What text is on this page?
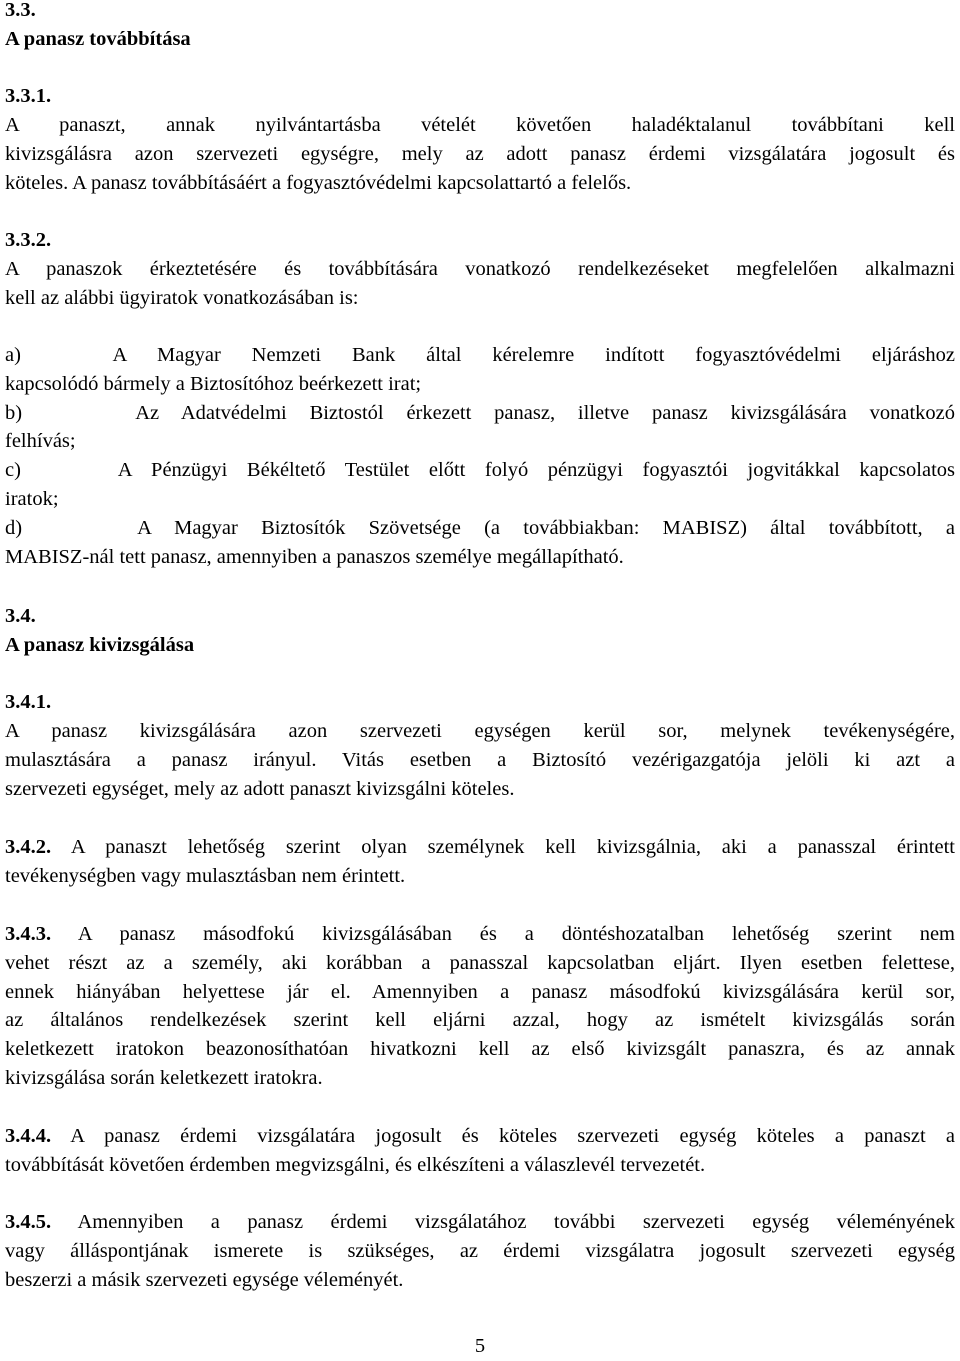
3.3.
A panasz továbbítása
3.3.1.
A panaszt, annak nyilvántartásba vételét követően haladéktalanul továbbítani kell
kivizsgálásra azon szervezeti egységre, mely az adott panasz érdemi vizsgálatára jogosult és
köteles. A panasz továbbításáért a fogyasztóvédelmi kapcsolattartó a felelős.
3.3.2.
A panaszok érkeztetésére és továbbítására vonatkozó rendelkezéseket megfelelően alkalmazni
kell az alábbi ügyiratok vonatkozásában is:
a)   A Magyar Nemzeti Bank által kérelemre indított fogyasztóvédelmi eljáráshoz
kapcsolódó bármely a Biztosítóhoz beérkezett irat;
b)     Az Adatvédelmi Biztostól érkezett panasz, illetve panasz kivizsgálására vonatkozó
felhívás;
c)     A Pénzügyi Békéltető Testület előtt folyó pénzügyi fogyasztói jogvitákkal kapcsolatos
iratok;
d)     A Magyar Biztosítók Szövetsége (a továbbiakban: MABISZ) által továbbított, a
MABISZ-nál tett panasz, amennyiben a panaszos személye megállapítható.
3.4.
A panasz kivizsgálása
3.4.1.
A panasz kivizsgálására azon szervezeti egységen kerül sor, melynek tevékenységére,
mulasztására a panasz irányul. Vitás esetben a Biztosító vezérigazgatója jelöli ki azt a
szervezeti egységet, mely az adott panaszt kivizsgálni köteles.
3.4.2. A panaszt lehetőség szerint olyan személynek kell kivizsgálnia, aki a panasszal érintett
tevékenységben vagy mulasztásban nem érintett.
3.4.3. A panasz másodfokú kivizsgálásában és a döntéshozatalban lehetőség szerint nem
vehet részt az a személy, aki korábban a panasszal kapcsolatban eljárt. Ilyen esetben felettese,
ennek hiányában helyettese jár el. Amennyiben a panasz másodfokú kivizsgálására kerül sor,
az általános rendelkezések szerint kell eljárni azzal, hogy az ismételt kivizsgálás során
keletkezett iratokon beazonosíthatóan hivatkozni kell az első kivizsgált panaszra, és az annak
kivizsgálása során keletkezett iratokra.
3.4.4. A panasz érdemi vizsgálatára jogosult és köteles szervezeti egység köteles a panaszt a
továbbítását követően érdemben megvizsgálni, és elkészíteni a válaszlevél tervezetét.
3.4.5. Amennyiben a panasz érdemi vizsgálatához további szervezeti egység véleményének
vagy álláspontjának ismerete is szükséges, az érdemi vizsgálatra jogosult szervezeti egység
beszerzi a másik szervezeti egysége véleményét.
5
